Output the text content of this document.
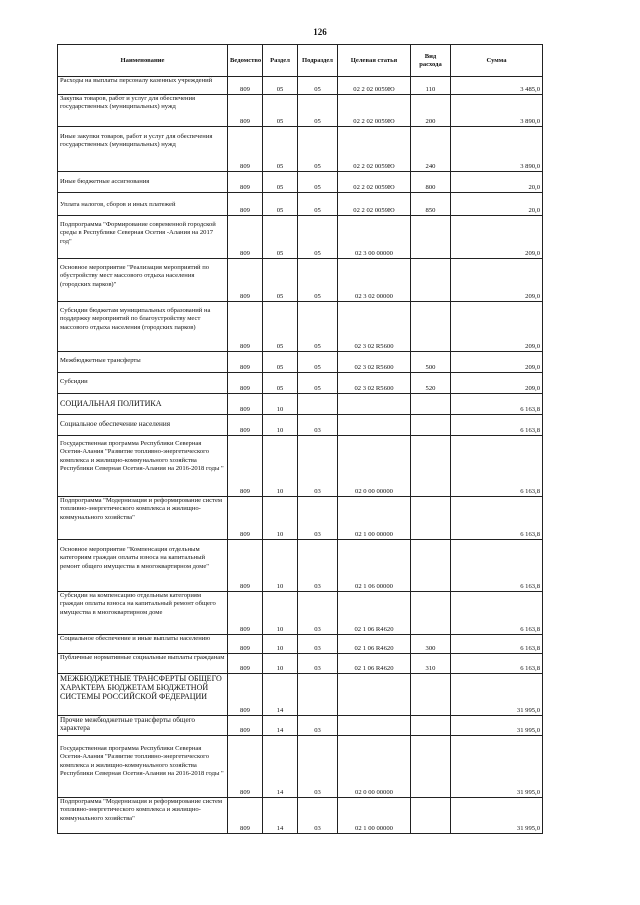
126
Наименование	Ведомство	Раздел	Подраздел	Целевая статья	Вид расхода	Сумма
Расходы на выплаты персоналу казенных учреждений	809	05	05	02 2 02 0059Ю	110	3 485,0
Закупка товаров, работ и услуг для обеспечения государственных (муниципальных) нужд	809	05	05	02 2 02 0059Ю	200	3 890,0
Иные закупки товаров, работ и услуг для обеспечения государственных (муниципальных) нужд	809	05	05	02 2 02 0059Ю	240	3 890,0
Иные бюджетные ассигнования	809	05	05	02 2 02 0059Ю	800	20,0
Уплата налогов, сборов и иных платежей	809	05	05	02 2 02 0059Ю	850	20,0
Подпрограмма "Формирование современной городской среды в Республике Северная Осетия -Алания на 2017 год"	809	05	05	02 3 00 00000		209,0
Основное мероприятие "Реализация мероприятий по обустройству мест массового отдыха населения (городских парков)"	809	05	05	02 3 02 00000		209,0
Субсидии бюджетам муниципальных образований на поддержку мероприятий по благоустройству мест массового отдыха населения (городских парков)	809	05	05	02 3 02 R5600		209,0
Межбюджетные трансферты	809	05	05	02 3 02 R5600	500	209,0
Субсидии	809	05	05	02 3 02 R5600	520	209,0
СОЦИАЛЬНАЯ ПОЛИТИКА	809	10				6 163,8
Социальное обеспечение населения	809	10	03			6 163,8
Государственная программа Республики Северная Осетия-Алания "Развитие топливно-энергетического комплекса и жилищно-коммунального хозяйства Республики Северная Осетия-Алания на 2016-2018 годы "	809	10	03	02 0 00 00000		6 163,8
Подпрограмма "Модернизация и реформирование систем топливно-энергетического комплекса и жилищно-коммунального хозяйства"	809	10	03	02 1 00 00000		6 163,8
Основное мероприятие "Компенсация отдельным категориям граждан оплаты взноса на капитальный ремонт общего имущества в многоквартирном доме"	809	10	03	02 1 06 00000		6 163,8
Субсидии на компенсацию отдельным категориям граждан оплаты взноса на капитальный ремонт общего имущества в многоквартирном доме	809	10	03	02 1 06 R4620		6 163,8
Социальное обеспечение и иные выплаты населению	809	10	03	02 1 06 R4620	300	6 163,8
Публичные нормативные социальные выплаты гражданам	809	10	03	02 1 06 R4620	310	6 163,8
МЕЖБЮДЖЕТНЫЕ ТРАНСФЕРТЫ ОБЩЕГО ХАРАКТЕРА БЮДЖЕТАМ БЮДЖЕТНОЙ СИСТЕМЫ РОССИЙСКОЙ ФЕДЕРАЦИИ	809	14				31 995,0
Прочие межбюджетные трансферты общего характера	809	14	03			31 995,0
Государственная программа Республики Северная Осетия-Алания "Развитие топливно-энергетического комплекса и жилищно-коммунального хозяйства Республики Северная Осетия-Алания на 2016-2018 годы "	809	14	03	02 0 00 00000		31 995,0
Подпрограмма "Модернизация и реформирование систем топливно-энергетического комплекса и жилищно-коммунального хозяйства"	809	14	03	02 1 00 00000		31 995,0
